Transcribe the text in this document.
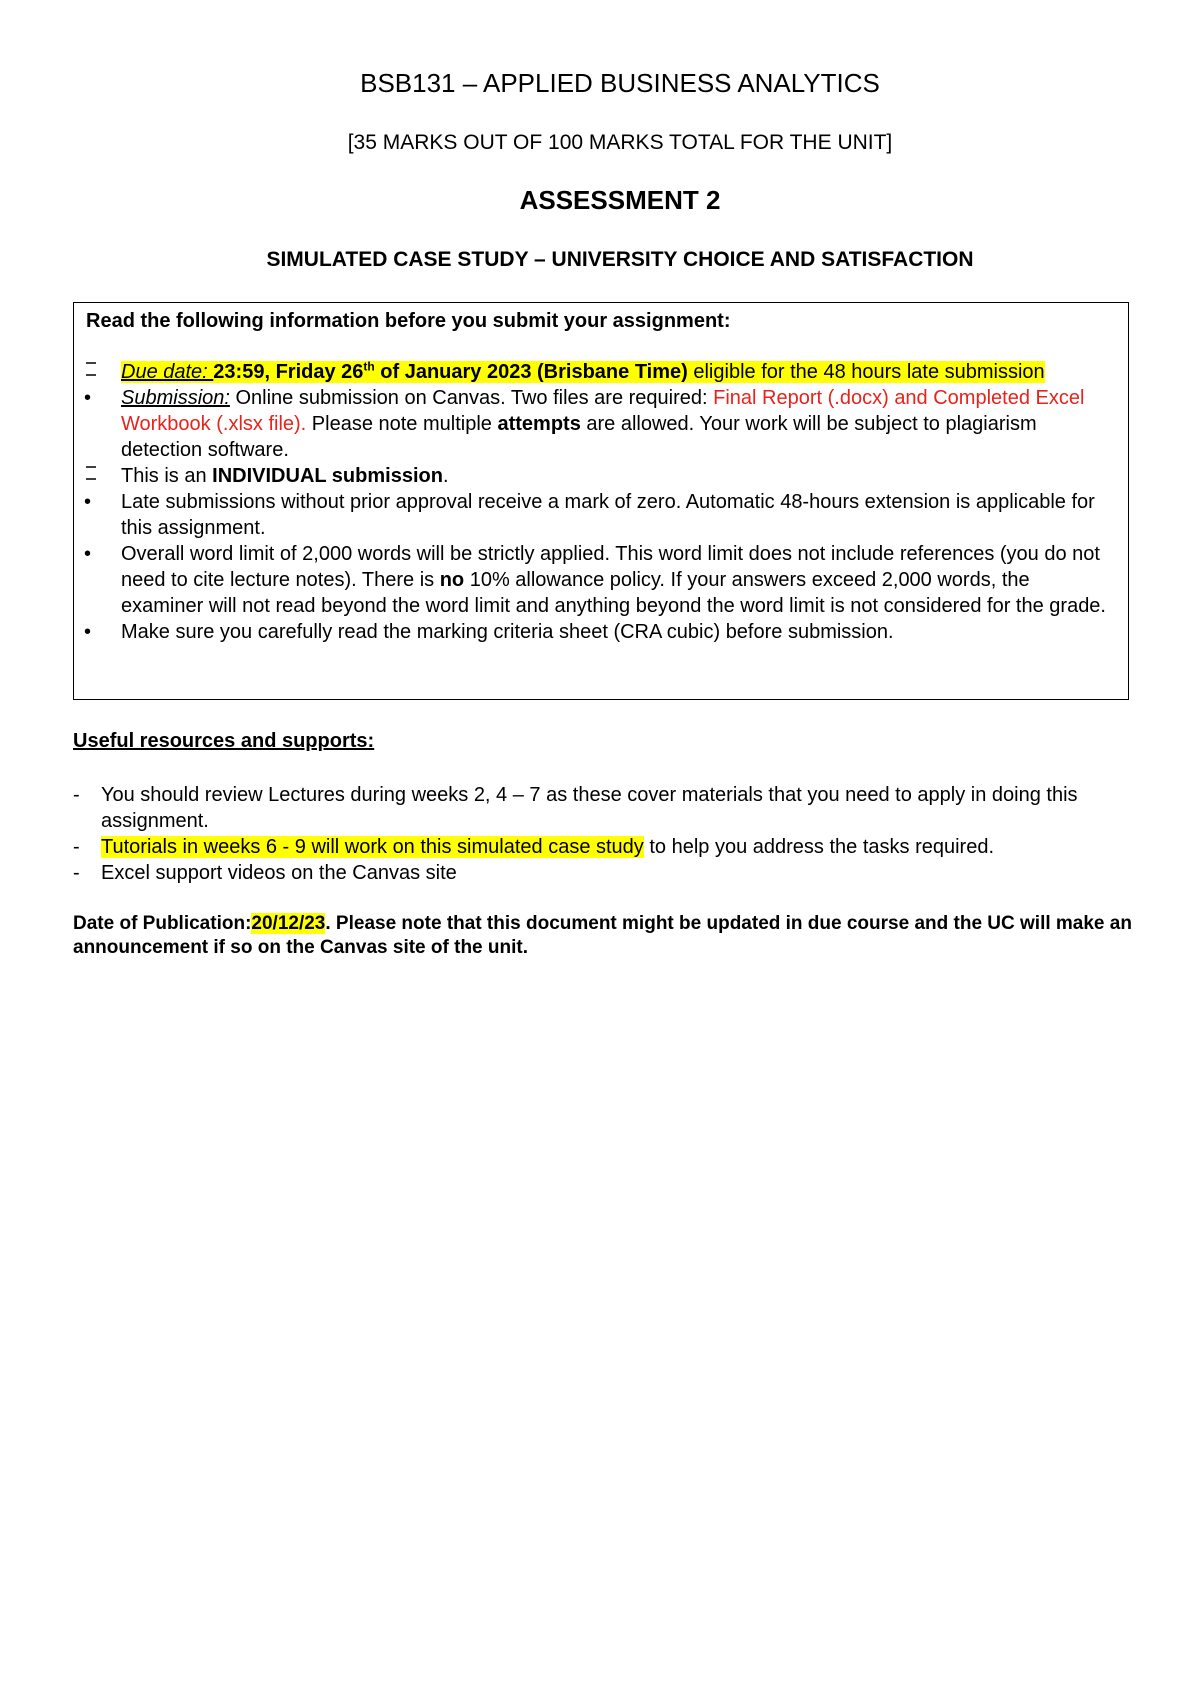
BSB131 – APPLIED BUSINESS ANALYTICS
[35 MARKS OUT OF 100 MARKS TOTAL FOR THE UNIT]
ASSESSMENT 2
SIMULATED CASE STUDY – UNIVERSITY CHOICE AND SATISFACTION
Read the following information before you submit your assignment:
Due date: 23:59, Friday 26th of January 2023 (Brisbane Time) eligible for the 48 hours late submission
•	Submission: Online submission on Canvas. Two files are required: Final Report (.docx) and Completed Excel Workbook (.xlsx file). Please note multiple attempts are allowed. Your work will be subject to plagiarism detection software.
This is an INDIVIDUAL submission.
•	Late submissions without prior approval receive a mark of zero. Automatic 48-hours extension is applicable for this assignment.
•	Overall word limit of 2,000 words will be strictly applied. This word limit does not include references (you do not need to cite lecture notes). There is no 10% allowance policy. If your answers exceed 2,000 words, the examiner will not read beyond the word limit and anything beyond the word limit is not considered for the grade.
•	Make sure you carefully read the marking criteria sheet (CRA cubic) before submission.
Useful resources and supports:
- You should review Lectures during weeks 2, 4 – 7 as these cover materials that you need to apply in doing this assignment.
- Tutorials in weeks 6 - 9 will work on this simulated case study to help you address the tasks required.
- Excel support videos on the Canvas site
Date of Publication:20/12/23. Please note that this document might be updated in due course and the UC will make an announcement if so on the Canvas site of the unit.
